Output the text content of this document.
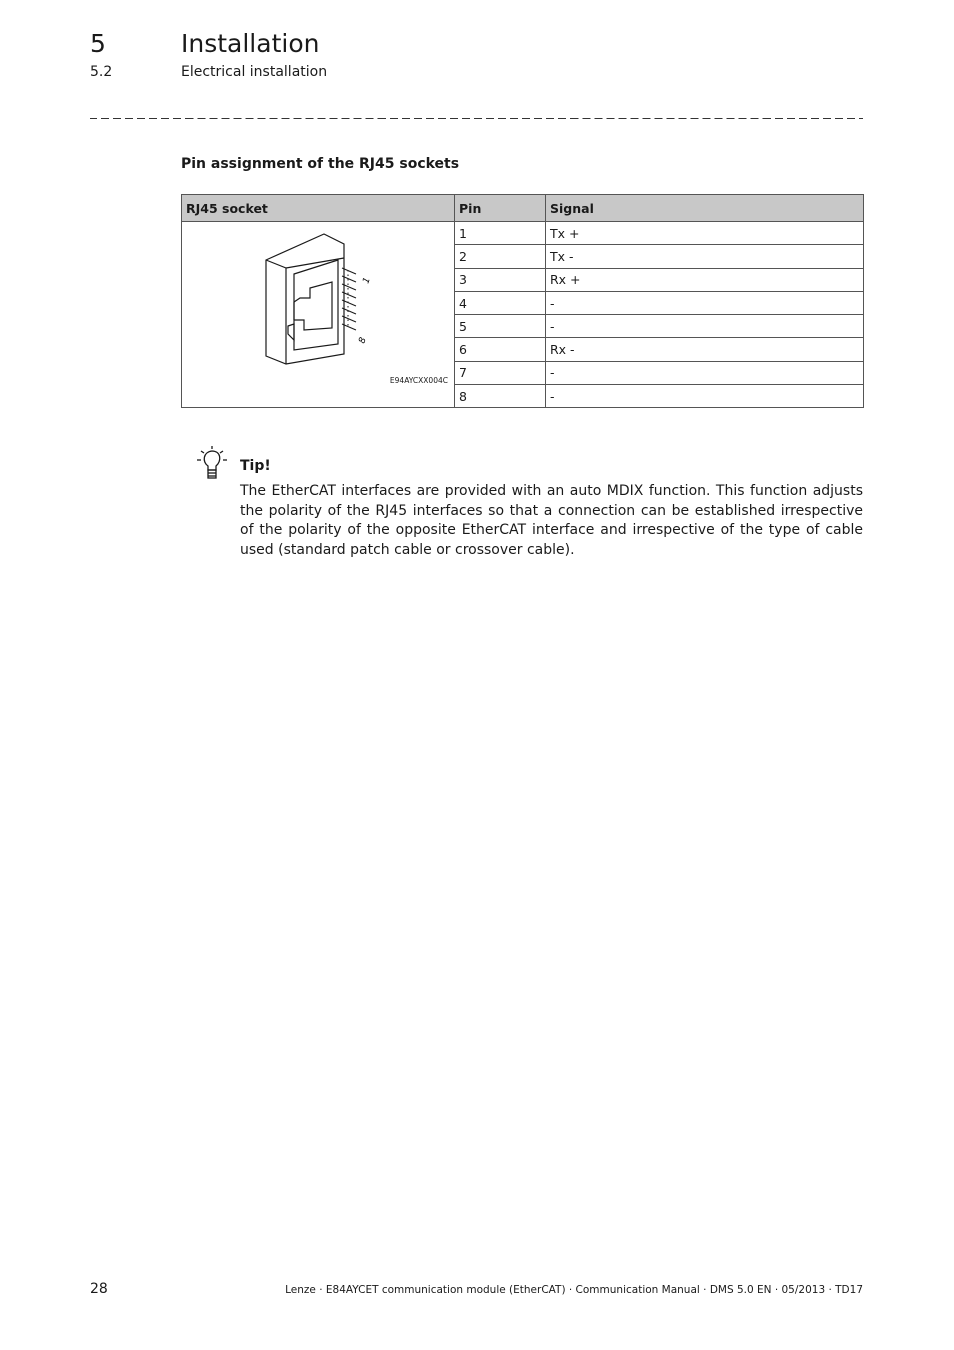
5	Installation
5.2	Electrical installation
Pin assignment of the RJ45 sockets
RJ45 socket	Pin	Signal

8
1
E94AYCXX004C	1	Tx +
	2	Tx -
	3	Rx +
	4	-
	5	-
	6	Rx -
	7	-
	8	-
Tip!
The EtherCAT interfaces are provided with an auto MDIX function. This function adjusts the polarity of the RJ45 interfaces so that a connection can be established irrespective of the polarity of the opposite EtherCAT interface and irrespective of the type of cable used (standard patch cable or crossover cable).
28	Lenze · E84AYCET communication module (EtherCAT) · Communication Manual · DMS 5.0 EN · 05/2013 · TD17
